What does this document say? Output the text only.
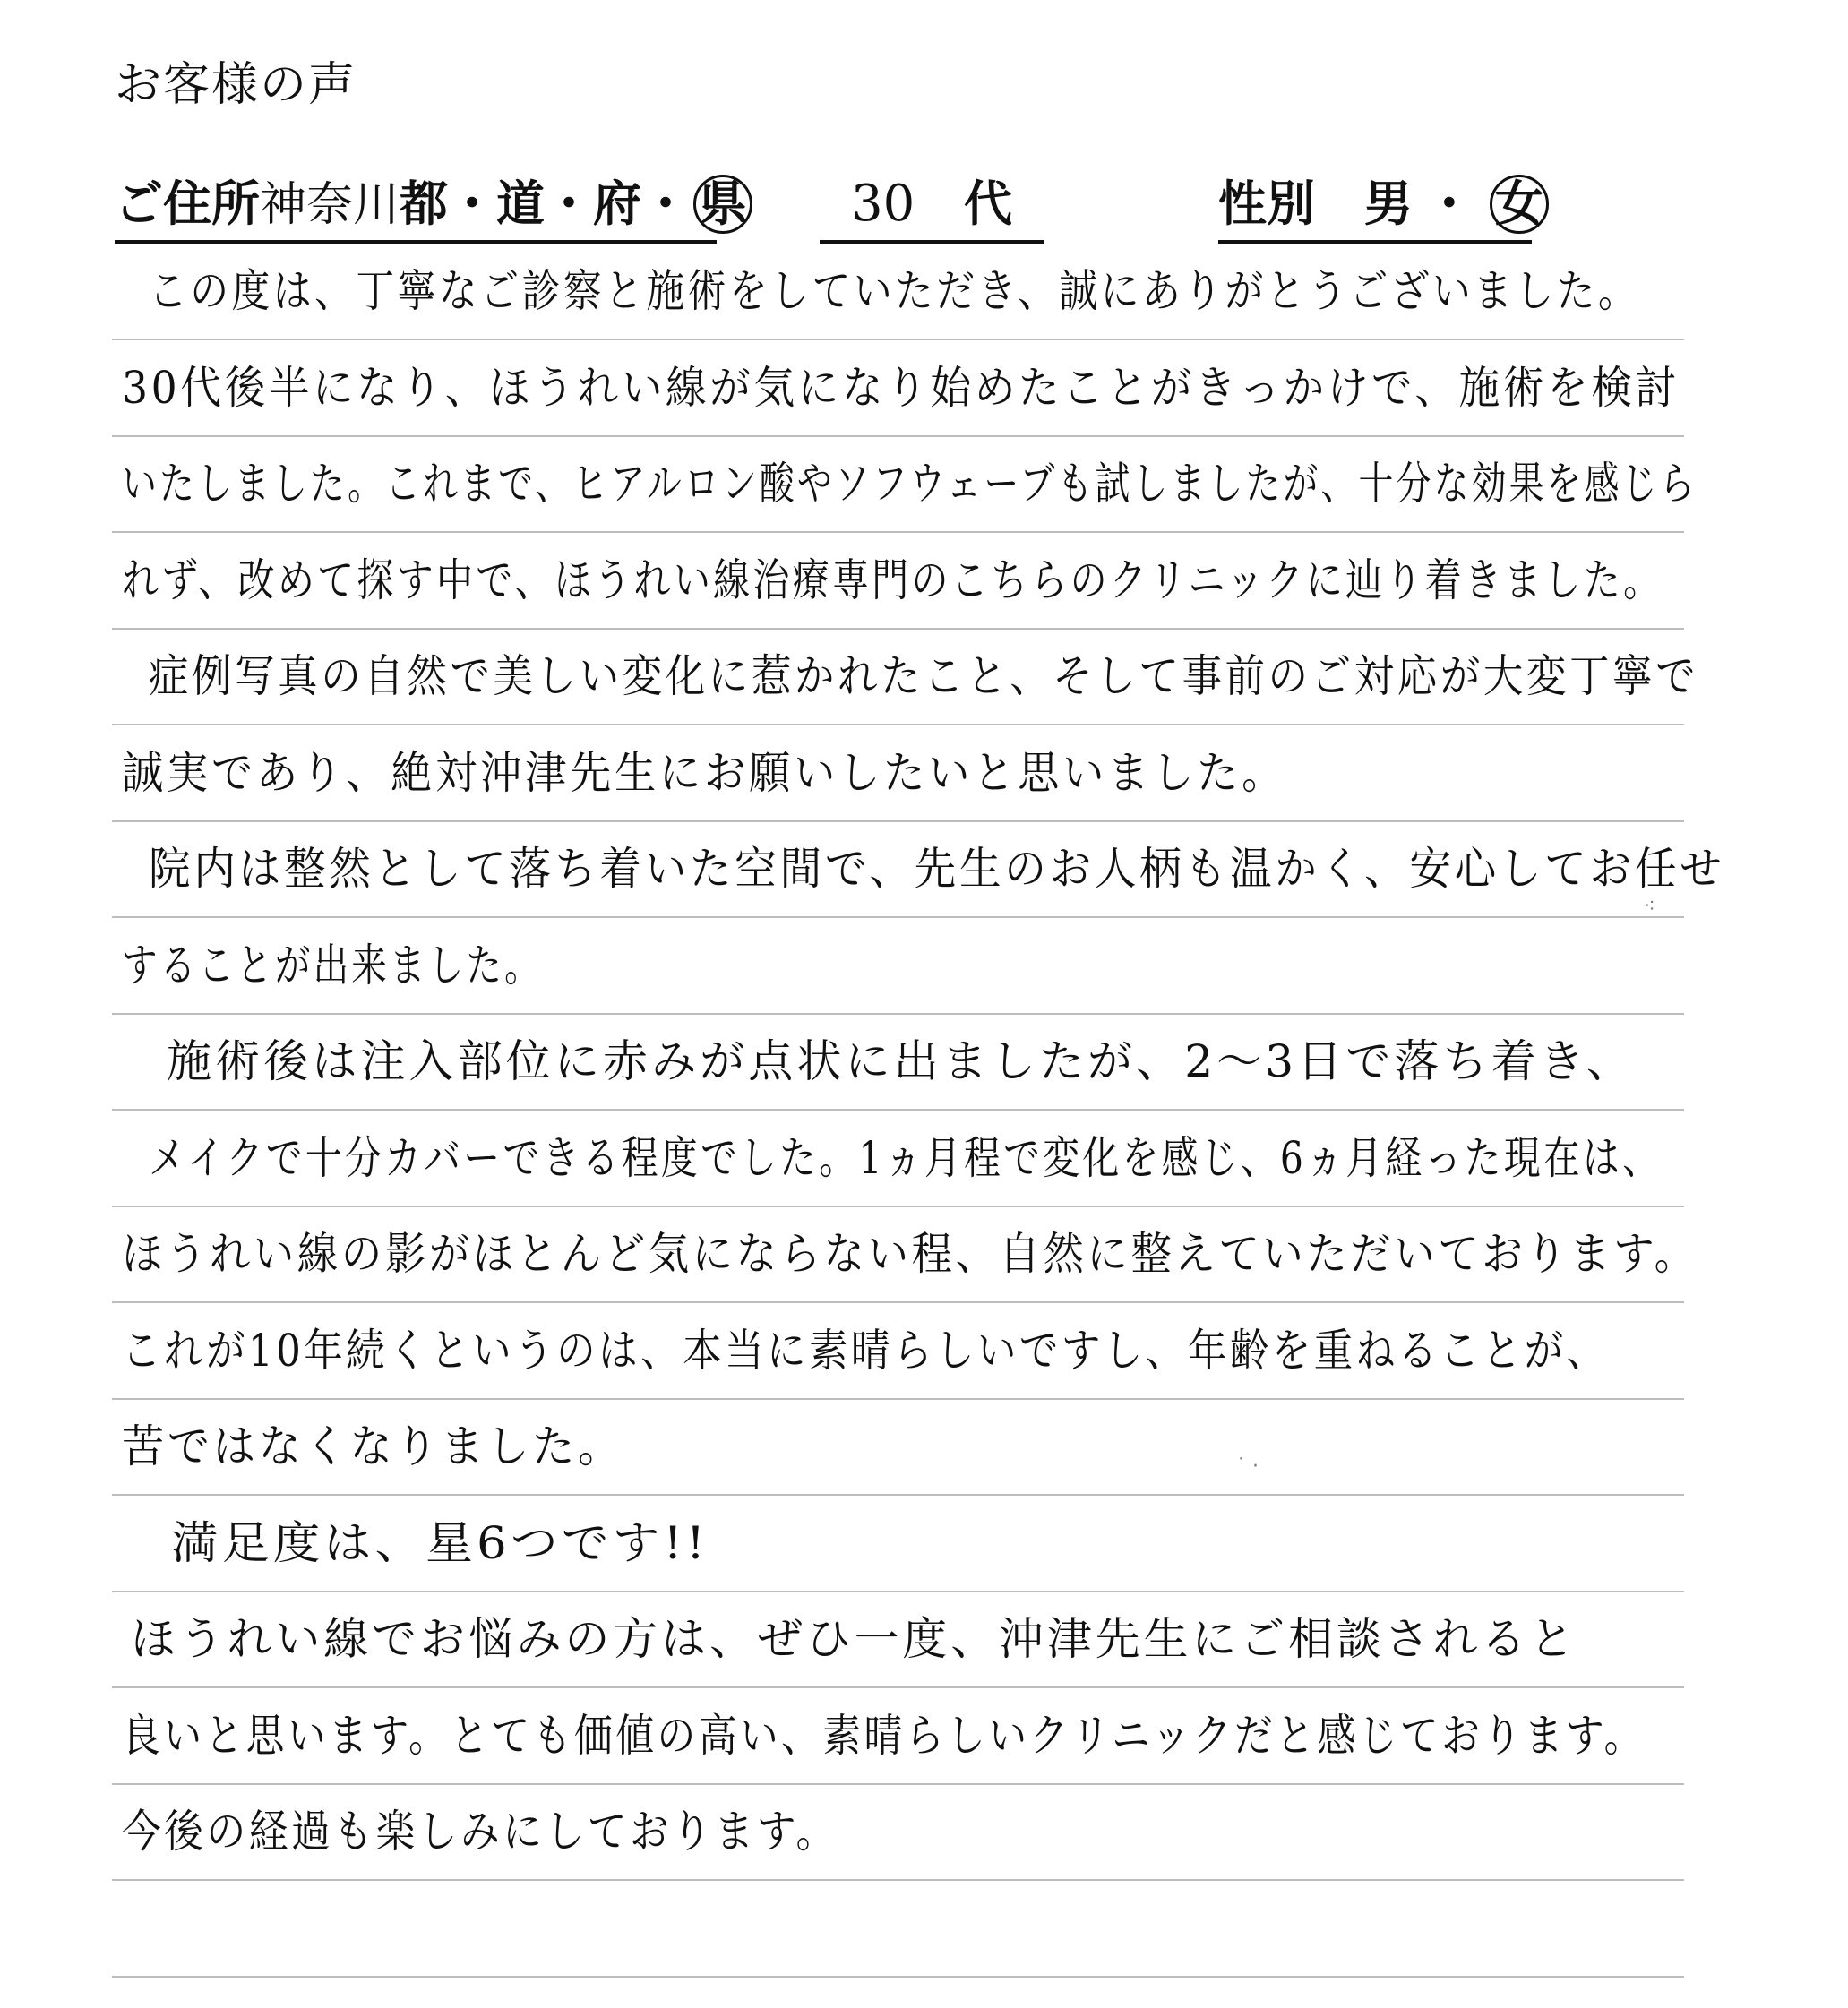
お客様の声
ご住所神奈川都・道・府・ 県	30 代	性別 男 ・ 女
この度は、丁寧なご診察と施術をしていただき、誠にありがとうございました。
30代後半になり、ほうれい線が気になり始めたことがきっかけで、施術を検討
いたしました。これまで、ヒアルロン酸やソフウェーブも試しましたが、十分な効果を感じら
れず、改めて探す中で、ほうれい線治療専門のこちらのクリニックに辿り着きました。
症例写真の自然で美しい変化に惹かれたこと、そして事前のご対応が大変丁寧で
誠実であり、絶対沖津先生にお願いしたいと思いました。
院内は整然として落ち着いた空間で、先生のお人柄も温かく、安心してお任せ
することが出来ました。
施術後は注入部位に赤みが点状に出ましたが、2～3日で落ち着き、
メイクで十分カバーできる程度でした。1ヵ月程で変化を感じ、6ヵ月経った現在は、
ほうれい線の影がほとんど気にならない程、自然に整えていただいております。
これが10年続くというのは、本当に素晴らしいですし、年齢を重ねることが、
苦ではなくなりました。
満足度は、星6つです!!
ほうれい線でお悩みの方は、ぜひ一度、沖津先生にご相談されると
良いと思います。とても価値の高い、素晴らしいクリニックだと感じております。
今後の経過も楽しみにしております。
⁖
˙ ·
